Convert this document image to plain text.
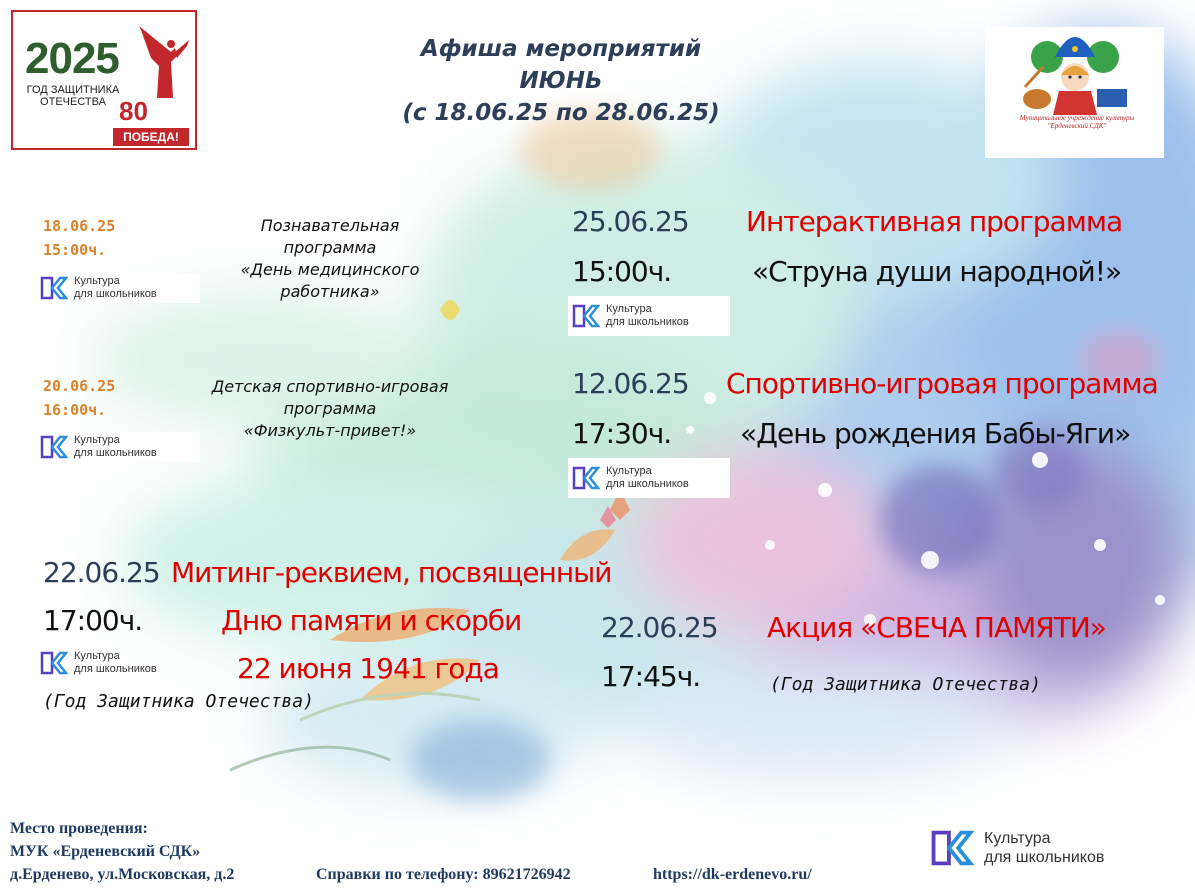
2025
ГОД ЗАЩИТНИКА
ОТЕЧЕСТВА 80
ПОБЕДА!
Афиша мероприятий
ИЮНЬ
(с 18.06.25 по 28.06.25)	Муниципальное учреждение культуры
"Ерденевский СДК"
18.06.25
15:00ч.
Познавательная
программа
«День медицинского
работника»
Культура
для школьников
20.06.25
16:00ч.
Детская спортивно-игровая
программа
«Физкульт-привет!»
Культура
для школьников
25.06.25
15:00ч.
Интерактивная программа
«Струна души народной!»
Культура
для школьников
12.06.25
17:30ч.
Спортивно-игровая программа
«День рождения Бабы-Яги»
Культура
для школьников
22.06.25
17:00ч.
Митинг-реквием, посвященный
Дню памяти и скорби
22 июня 1941 года
Культура
для школьников
(Год Защитника Отечества)
22.06.25
17:45ч.
Акция «СВЕЧА ПАМЯТИ»
(Год Защитника Отечества)
Место проведения:
МУК «Ерденевский СДК»
д.Ерденево, ул.Московская, д.2	Справки по телефону: 89621726942	https://dk-erdenevo.ru/
Культура
для школьников
